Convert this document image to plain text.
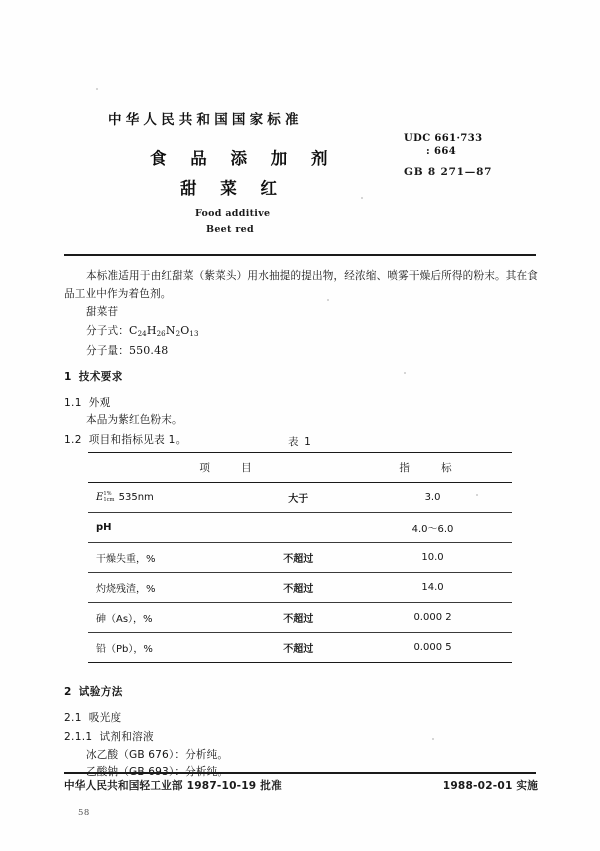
中华人民共和国国家标准
食 品 添 加 剂
甜 菜 红
Food additive
Beet red
UDC 661·733
: 664
GB 8 271—87

本标准适用于由红甜菜（紫菜头）用水抽提的提出物，经浓缩、喷雾干燥后所得的粉末。其在食品工业中作为着色剂。

甜菜苷

分子式：$C_{24}H_{26}N_2O_{13}$

分子量：550.48

1 技术要求

1.1 外观

本品为紫红色粉末。

1.2 项目和指标见表 1。	表 1
项 目		指 标
E 1%
1cm 535nm	大于	3.0
pH		4.0～6.0
干燥失重，%	不超过	10.0
灼烧残渣，%	不超过	14.0
砷（As），%	不超过	0.000 2
铅（Pb），%	不超过	0.000 5

2 试验方法

2.1 吸光度

2.1.1 试剂和溶液

冰乙酸（GB 676）：分析纯。

中华人民共和国轻工业部 1987-10-19 批准	1988-02-01 实施
58
